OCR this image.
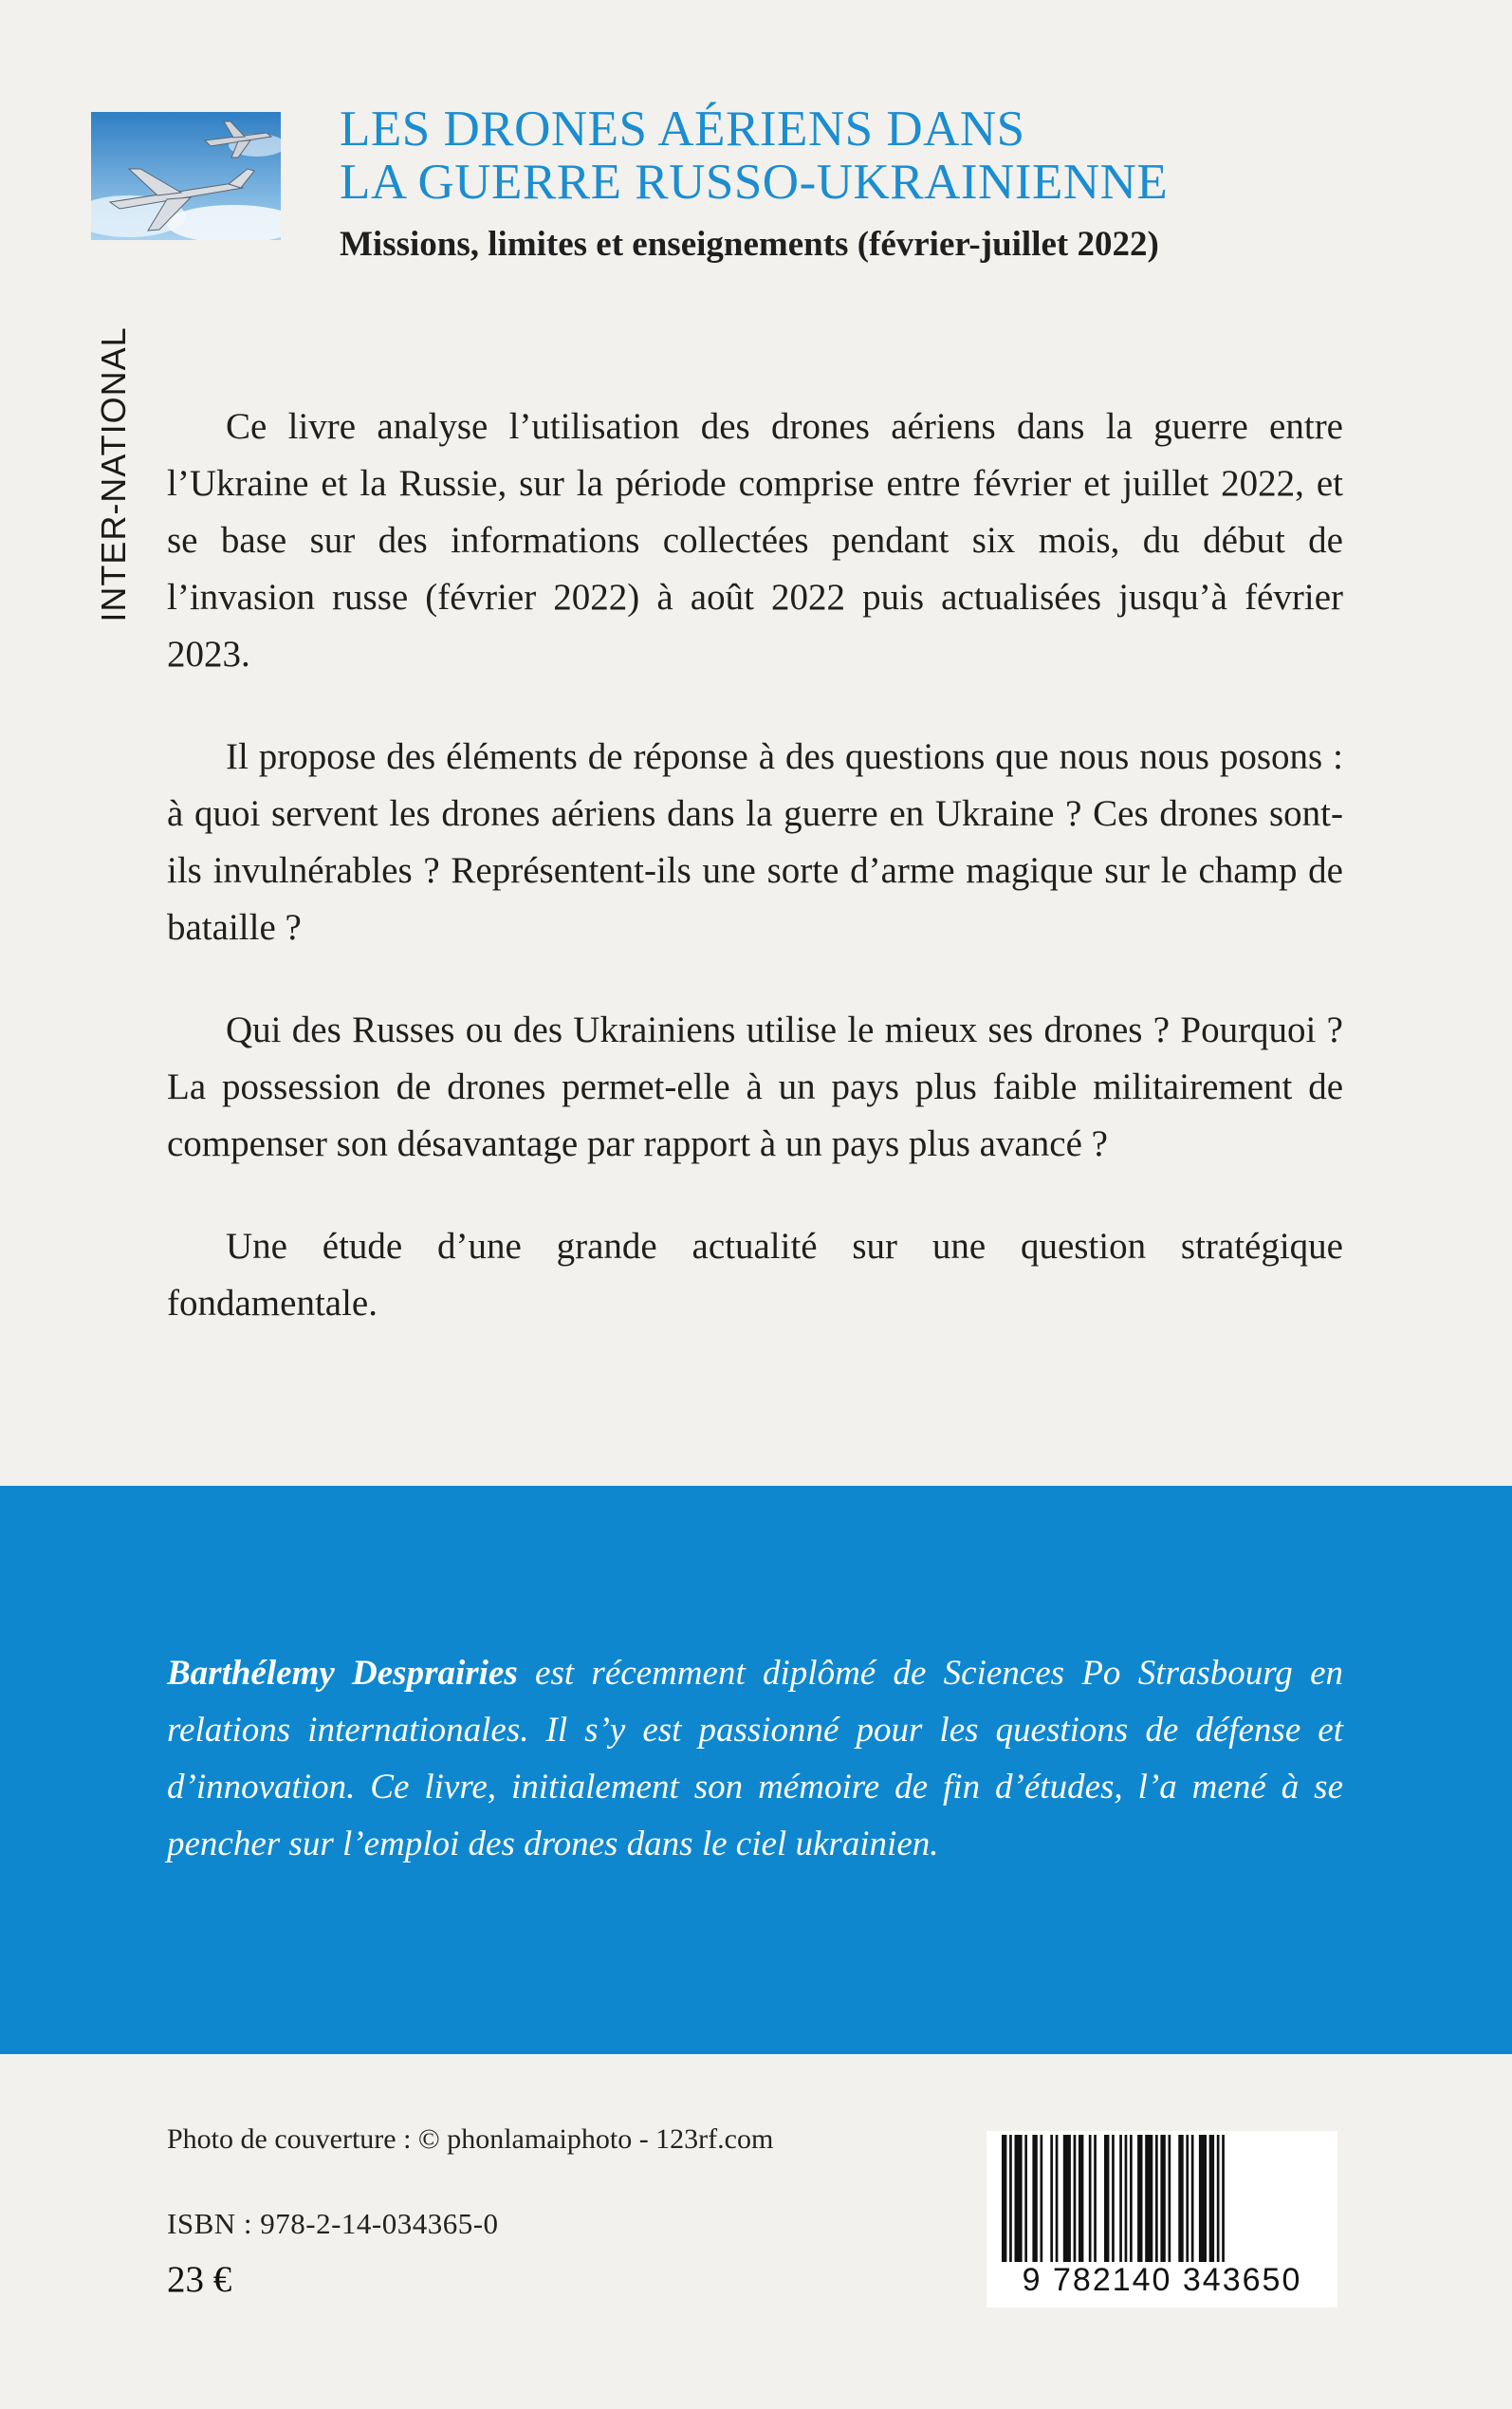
INTER-NATIONAL
LES DRONES AÉRIENS DANS
LA GUERRE RUSSO-UKRAINIENNE
Missions, limites et enseignements (février-juillet 2022)

Ce livre analyse l’utilisation des drones aériens dans la guerre entre l’Ukraine et la Russie, sur la période comprise entre février et juillet 2022, et se base sur des informations collectées pendant six mois, du début de l’invasion russe (février 2022) à août 2022 puis actualisées jusqu’à février 2023.

Il propose des éléments de réponse à des questions que nous nous posons : à quoi servent les drones aériens dans la guerre en Ukraine ? Ces drones sont-ils invulnérables ? Représentent-ils une sorte d’arme magique sur le champ de bataille ?

Qui des Russes ou des Ukrainiens utilise le mieux ses drones ? Pourquoi ? La possession de drones permet-elle à un pays plus faible militairement de compenser son désavantage par rapport à un pays plus avancé ?

Une étude d’une grande actualité sur une question stratégique fondamentale.

Barthélemy Desprairies est récemment diplômé de Sciences Po Strasbourg en relations internationales. Il s’y est passionné pour les questions de défense et d’innovation. Ce livre, initialement son mémoire de fin d’études, l’a mené à se pencher sur l’emploi des drones dans le ciel ukrainien.

Photo de couverture : © phonlamaiphoto - 123rf.com
ISBN : 978-2-14-034365-0
23 €	9 782140 343650
